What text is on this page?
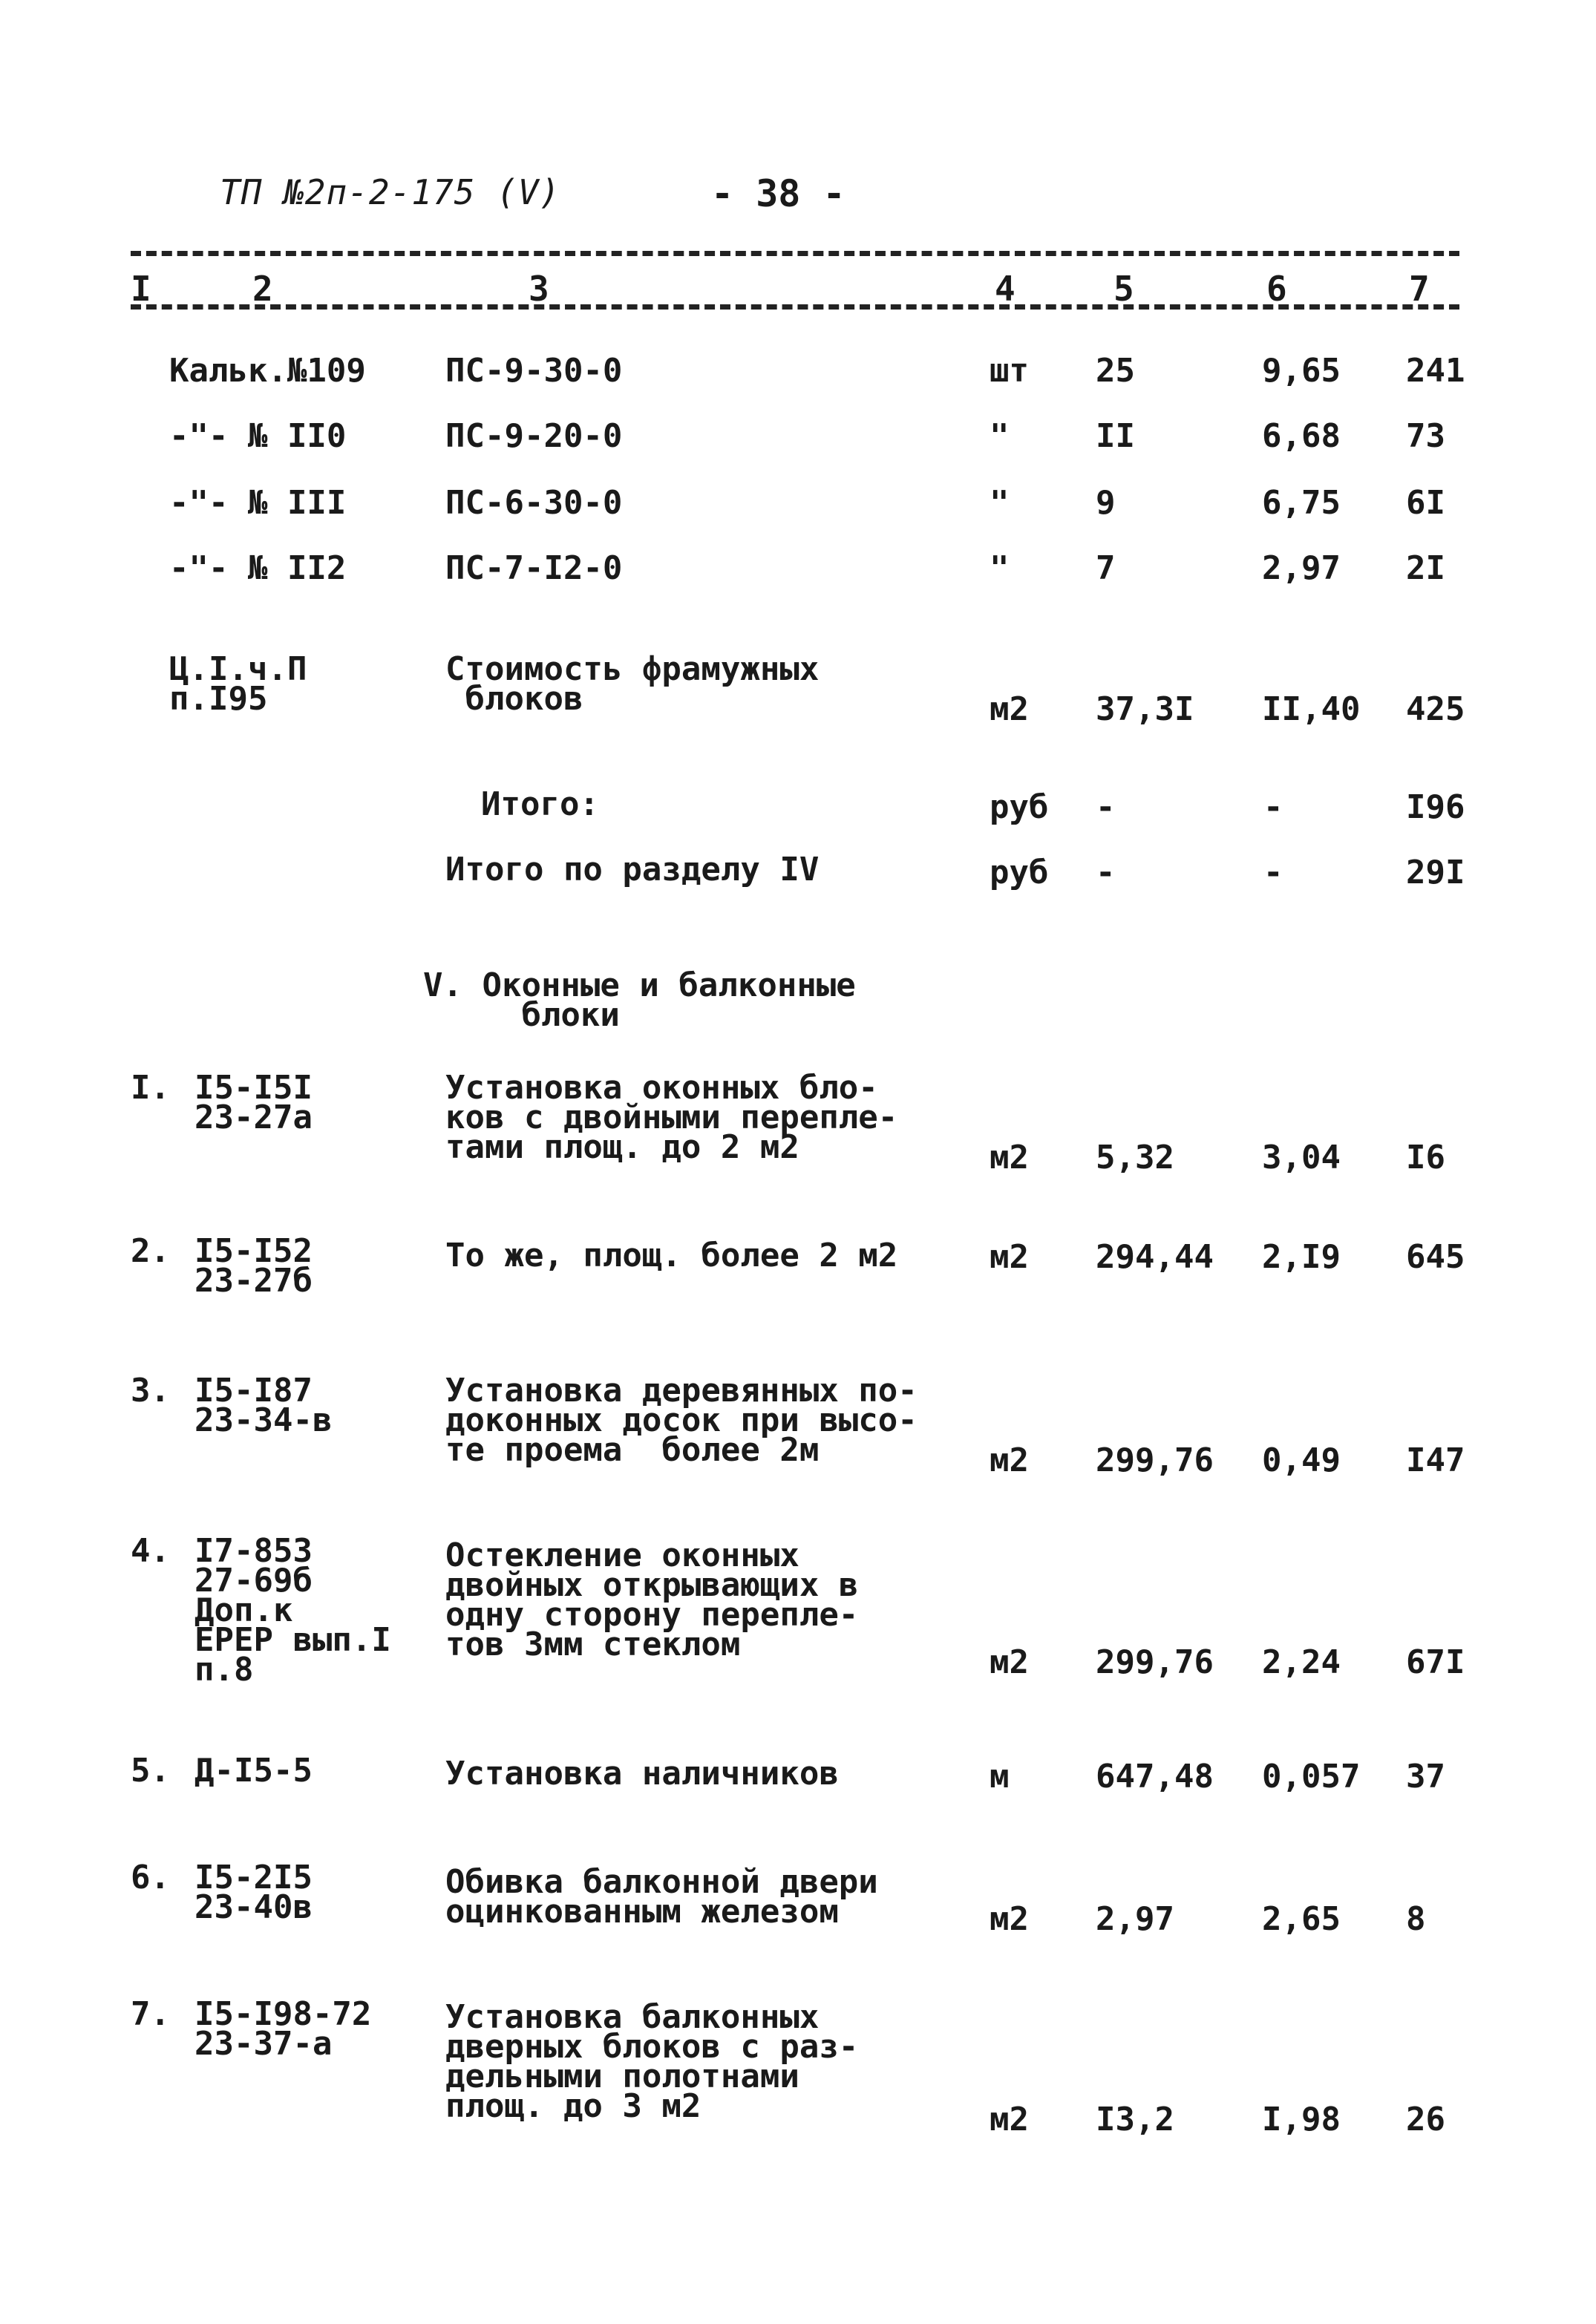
ТП №2п-2-175 (V)	- 38 -
I	2	3	4	5	6	7
Кальк.№109 ПС-9-30-0	шт 25	9,65 241
-"- № II0	ПС-9-20-0	"	II	6,68 73
-"- № III	ПС-6-30-0	"	9	6,75 6I
-"- № II2	ПС-7-I2-0	"	7	2,97 2I
Ц.I.ч.П
п.I95
Стоимость фрамужных
блоков	м2 37,3I II,40 425
Итого:	руб -	-	I96
Итого по разделу IV	руб -	-	29I
V. Оконные и балконные
блоки
I. I5-I5I
23-27а
Установка оконных бло-
ков с двойными перепле-
тами площ. до 2 м2	м2 5,32	3,04 I6
2. I5-I52
23-27б
То же, площ. более 2 м2	м2 294,44 2,I9 645
3. I5-I87
23-34-в
Установка деревянных по-
доконных досок при высо-
те проема  более 2м	м2 299,76 0,49 I47
4. I7-853
27-69б
Доп.к
ЕРЕР вып.I
п.8
Остекление оконных
двойных открывающих в
одну сторону перепле-
тов 3мм стеклом	м2 299,76 2,24 67I
5. Д-I5-5	Установка наличников	м	647,48 0,057 37
6. I5-2I5
23-40в
Обивка балконной двери
оцинкованным железом	м2 2,97	2,65 8
7. I5-I98-72
23-37-а
Установка балконных
дверных блоков с раз-
дельными полотнами
площ. до 3 м2	м2 I3,2	I,98 26
